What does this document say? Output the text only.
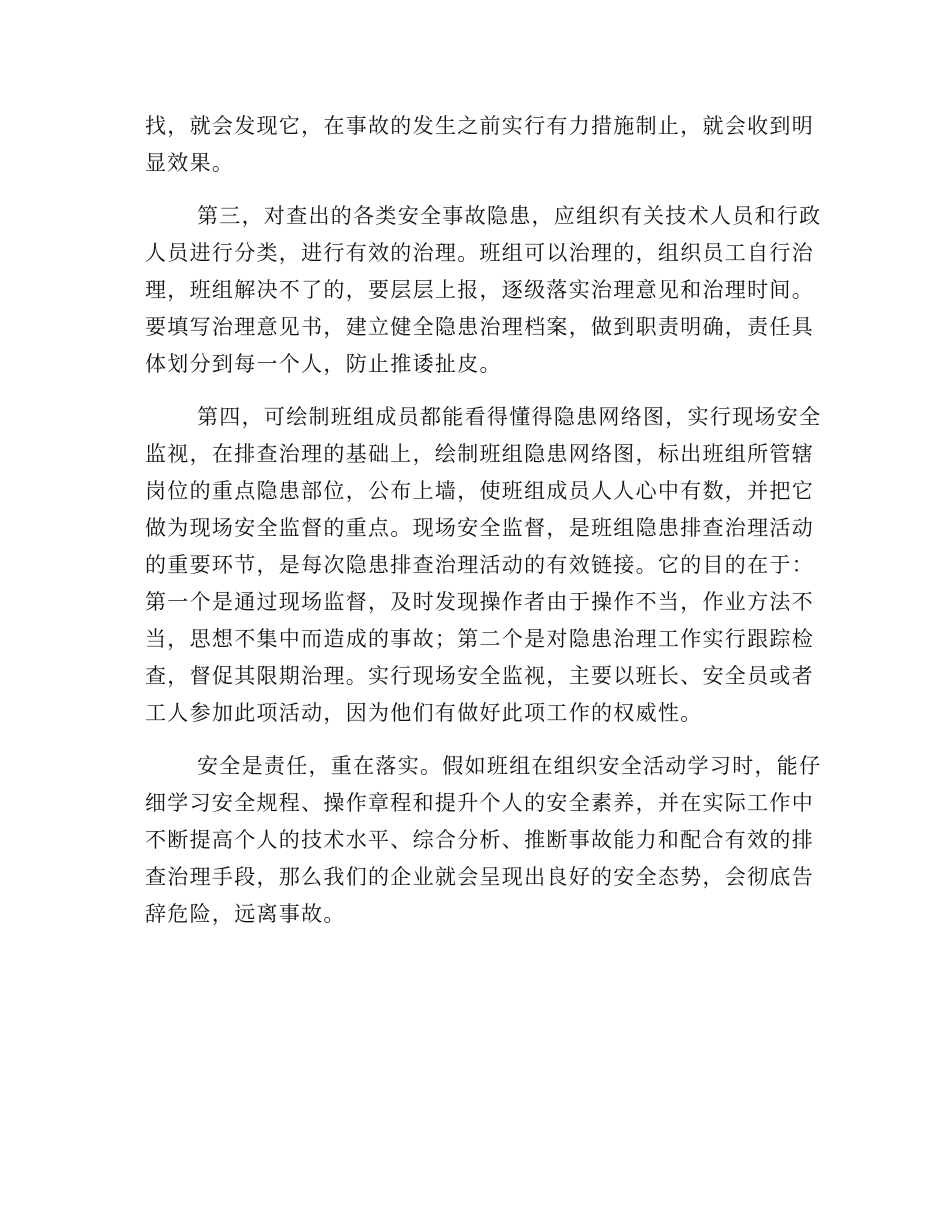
找，就会发现它，在事故的发生之前实行有力措施制止，就会收到明
显效果。
第三，对查出的各类安全事故隐患，应组织有关技术人员和行政
人员进行分类，进行有效的治理。班组可以治理的，组织员工自行治
理，班组解决不了的，要层层上报，逐级落实治理意见和治理时间。
要填写治理意见书，建立健全隐患治理档案，做到职责明确，责任具
体划分到每一个人，防止推诿扯皮。
第四，可绘制班组成员都能看得懂得隐患网络图，实行现场安全
监视，在排查治理的基础上，绘制班组隐患网络图，标出班组所管辖
岗位的重点隐患部位，公布上墙，使班组成员人人心中有数，并把它
做为现场安全监督的重点。现场安全监督，是班组隐患排查治理活动
的重要环节，是每次隐患排查治理活动的有效链接。它的目的在于：
第一个是通过现场监督，及时发现操作者由于操作不当，作业方法不
当，思想不集中而造成的事故；第二个是对隐患治理工作实行跟踪检
查，督促其限期治理。实行现场安全监视，主要以班长、安全员或者
工人参加此项活动，因为他们有做好此项工作的权威性。
安全是责任，重在落实。假如班组在组织安全活动学习时，能仔
细学习安全规程、操作章程和提升个人的安全素养，并在实际工作中
不断提高个人的技术水平、综合分析、推断事故能力和配合有效的排
查治理手段，那么我们的企业就会呈现出良好的安全态势，会彻底告
辞危险，远离事故。
